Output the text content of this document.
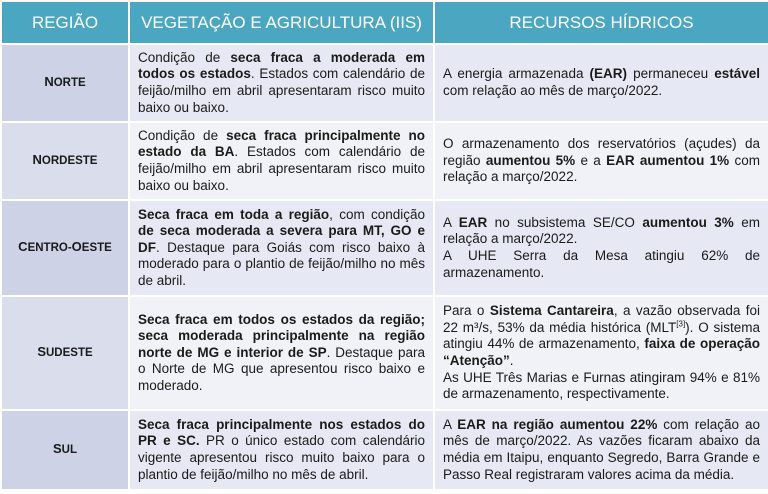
REGIÃO	VEGETAÇÃO E AGRICULTURA (IIS)	RECURSOS HÍDRICOS
NORTE	Condição de seca fraca a moderada em todos os estados. Estados com calendário de feijão/milho em abril apresentaram risco muito baixo ou baixo.	A energia armazenada (EAR) permaneceu estável com relação ao mês de março/2022.
NORDESTE	Condição de seca fraca principalmente no estado da BA. Estados com calendário de feijão/milho em abril apresentaram risco muito baixo ou baixo.	O armazenamento dos reservatórios (açudes) da região aumentou 5% e a EAR aumentou 1% com relação a março/2022.
CENTRO-OESTE	Seca fraca em toda a região, com condição de seca moderada a severa para MT, GO e DF. Destaque para Goiás com risco baixo à moderado para o plantio de feijão/milho no mês de abril.	A EAR no subsistema SE/CO aumentou 3% em relação a março/2022.
A UHE Serra da Mesa atingiu 62% de armazenamento.
SUDESTE	Seca fraca em todos os estados da região; seca moderada principalmente na região norte de MG e interior de SP. Destaque para o Norte de MG que apresentou risco baixo e moderado.	Para o Sistema Cantareira, a vazão observada foi 22 m³/s, 53% da média histórica (MLT[3]). O sistema atingiu 44% de armazenamento, faixa de operação “Atenção”.
As UHE Três Marias e Furnas atingiram 94% e 81% de armazenamento, respectivamente.
SUL	Seca fraca principalmente nos estados do PR e SC. PR o único estado com calendário vigente apresentou risco muito baixo para o plantio de feijão/milho no mês de abril.	A EAR na região aumentou 22% com relação ao mês de março/2022. As vazões ficaram abaixo da média em Itaipu, enquanto Segredo, Barra Grande e Passo Real registraram valores acima da média.
